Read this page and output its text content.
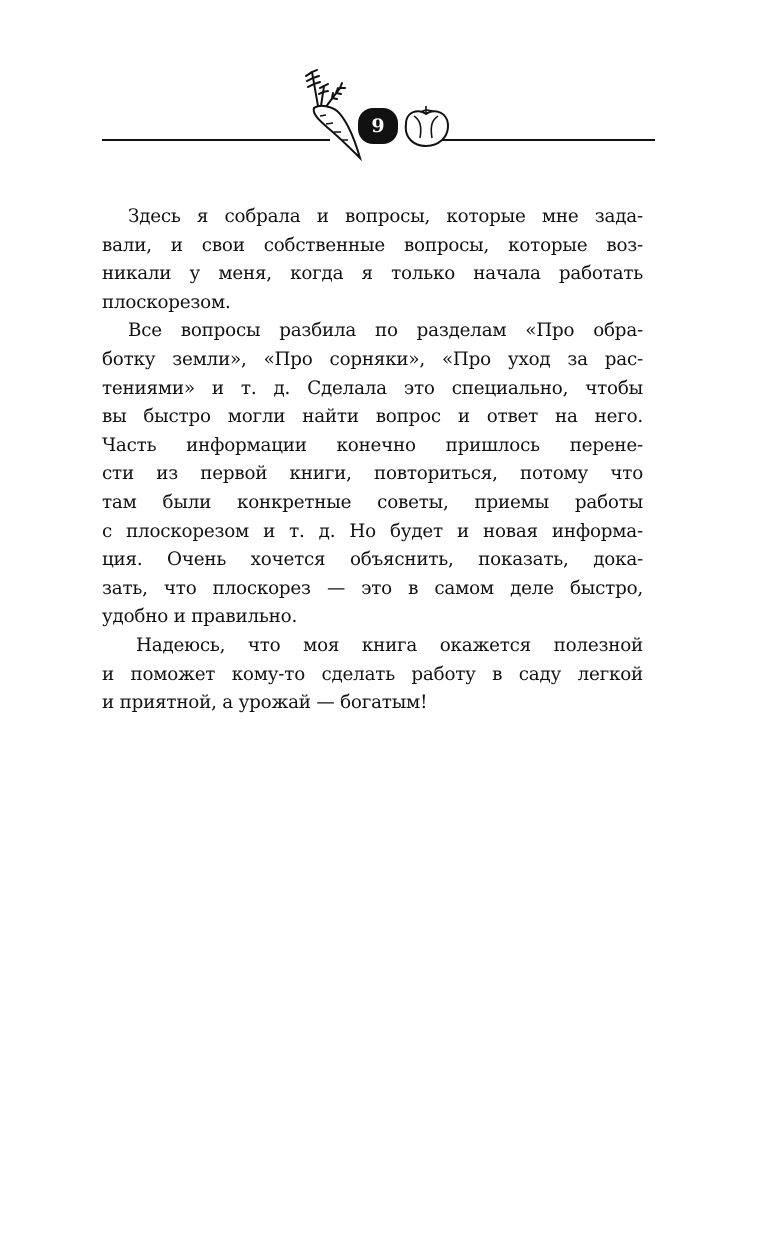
9
Здесь я собрала и вопросы, которые мне зада-
вали, и свои собственные вопросы, которые воз-
никали у меня, когда я только начала работать
плоскорезом.
Все вопросы разбила по разделам «Про обра-
ботку земли», «Про сорняки», «Про уход за рас-
тениями» и т. д. Сделала это специально, чтобы
вы быстро могли найти вопрос и ответ на него.
Часть информации конечно пришлось перене-
сти из первой книги, повториться, потому что
там были конкретные советы, приемы работы
с плоскорезом и т. д. Но будет и новая информа-
ция. Очень хочется объяснить, показать, дока-
зать, что плоскорез — это в самом деле быстро,
удобно и правильно.
Надеюсь, что моя книга окажется полезной
и поможет кому-то сделать работу в саду легкой
и приятной, а урожай — богатым!
